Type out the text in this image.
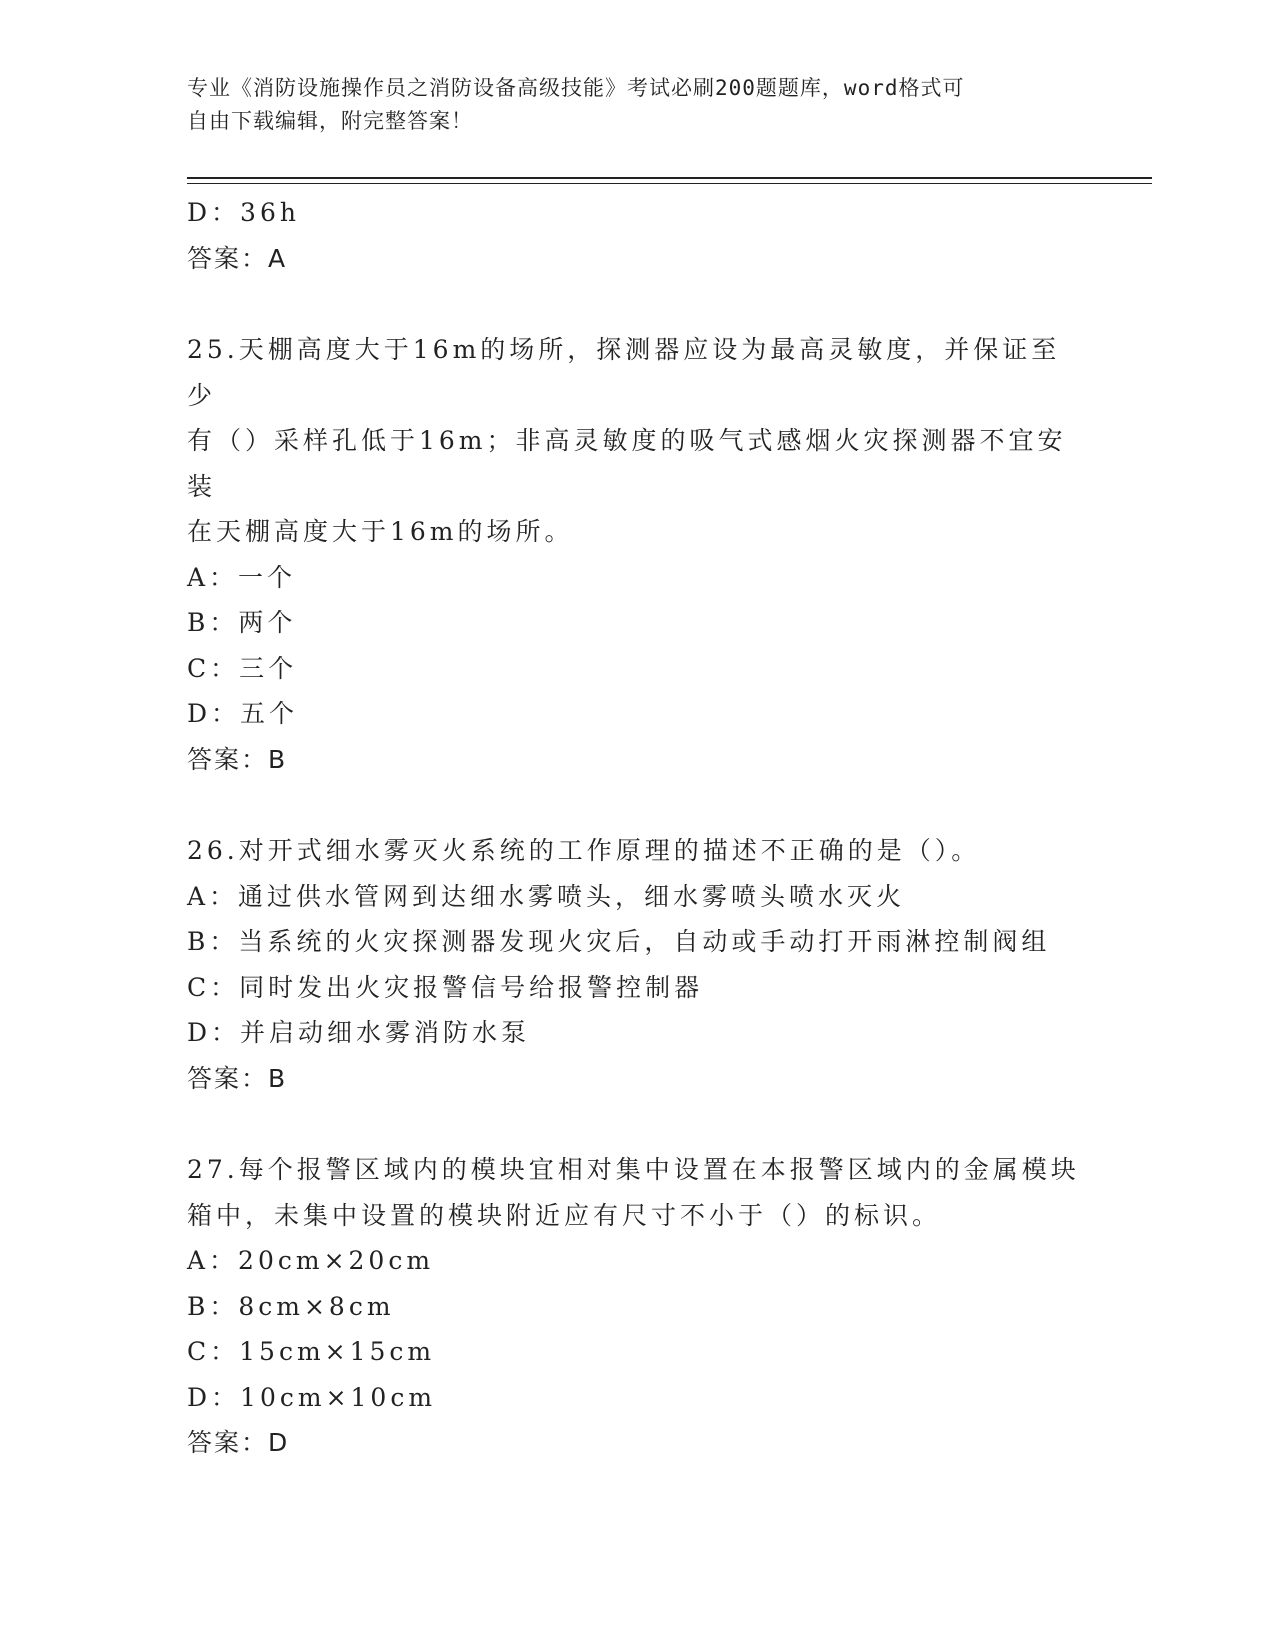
专业《消防设施操作员之消防设备高级技能》考试必刷200题题库，word格式可
自由下载编辑，附完整答案！
D：36h
答案：A
25.天棚高度大于16m的场所，探测器应设为最高灵敏度，并保证至少
有（）采样孔低于16m；非高灵敏度的吸气式感烟火灾探测器不宜安装
在天棚高度大于16m的场所。
A：一个
B：两个
C：三个
D：五个
答案：B
26.对开式细水雾灭火系统的工作原理的描述不正确的是（）。
A：通过供水管网到达细水雾喷头，细水雾喷头喷水灭火
B：当系统的火灾探测器发现火灾后，自动或手动打开雨淋控制阀组
C：同时发出火灾报警信号给报警控制器
D：并启动细水雾消防水泵
答案：B
27.每个报警区域内的模块宜相对集中设置在本报警区域内的金属模块
箱中，未集中设置的模块附近应有尺寸不小于（）的标识。
A：20cm×20cm
B：8cm×8cm
C：15cm×15cm
D：10cm×10cm
答案：D
